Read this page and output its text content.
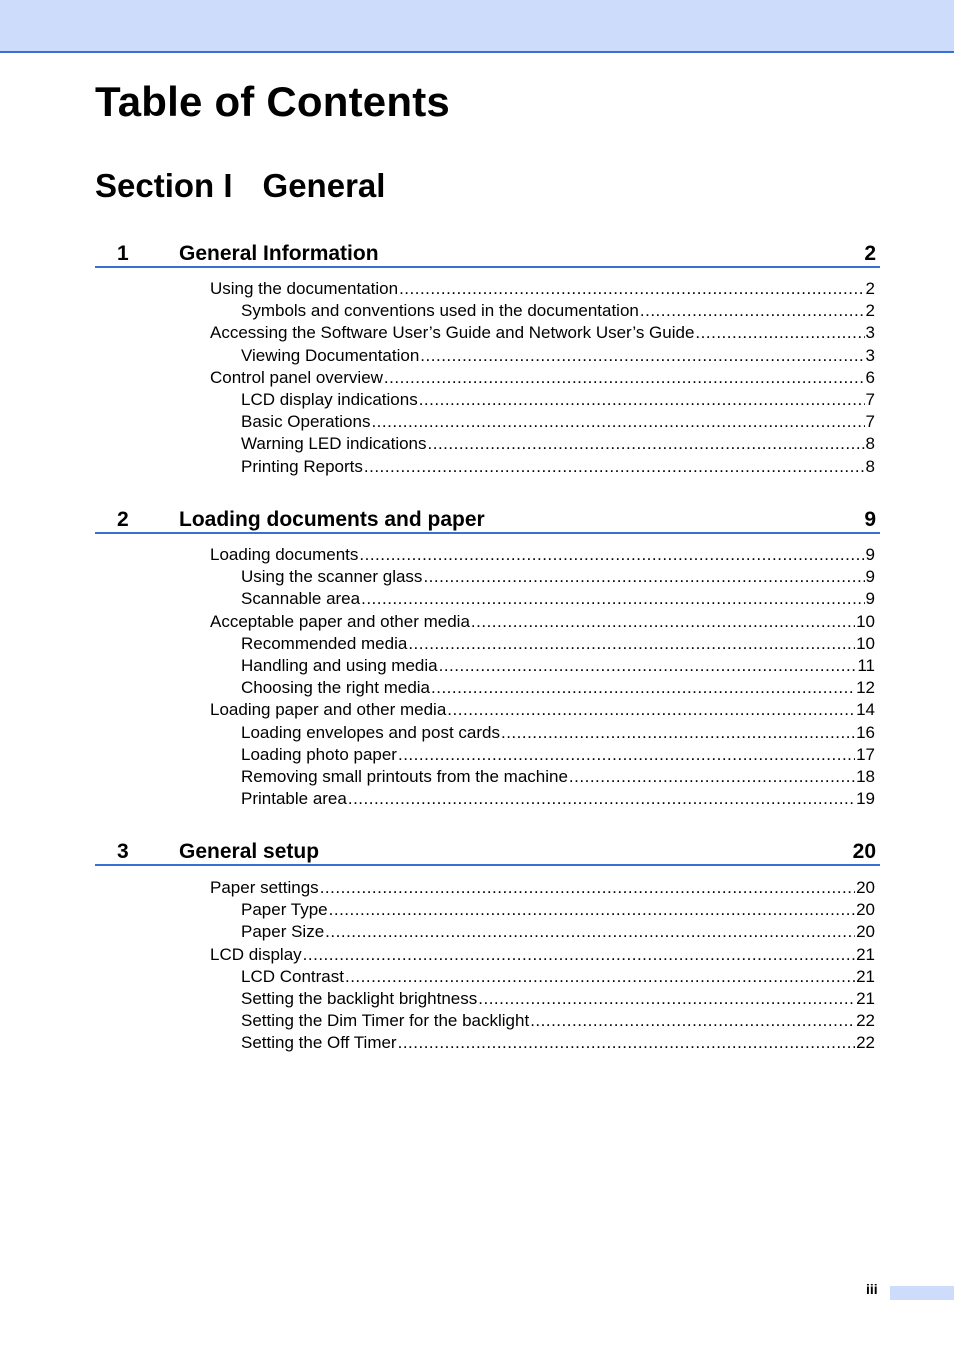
Table of Contents
Section I General
1 General Information	2
Using the documentation .....	2
Symbols and conventions used in the documentation .....	2
Accessing the Software User’s Guide and Network User’s Guide .....	3
Viewing Documentation .....	3
Control panel overview .....	6
LCD display indications .....	7
Basic Operations .....	7
Warning LED indications .....	8
Printing Reports .....	8
2 Loading documents and paper	9
Loading documents .....	9
Using the scanner glass .....	9
Scannable area .....	9
Acceptable paper and other media .....	10
Recommended media .....	10
Handling and using media .....	11
Choosing the right media .....	12
Loading paper and other media .....	14
Loading envelopes and post cards .....	16
Loading photo paper .....	17
Removing small printouts from the machine .....	18
Printable area .....	19
3 General setup	20
Paper settings .....	20
Paper Type .....	20
Paper Size .....	20
LCD display .....	21
LCD Contrast .....	21
Setting the backlight brightness .....	21
Setting the Dim Timer for the backlight .....	22
Setting the Off Timer .....	22
iii
